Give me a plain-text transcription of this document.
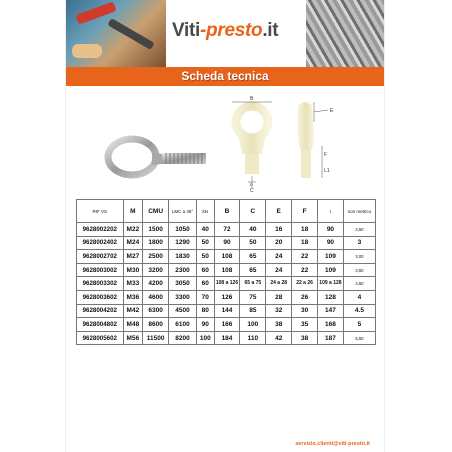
Viti-presto.it
Scheda tecnica
B
C
D
E
F
L1
RIF VS	M	CMU	LMC a 45°	kN	B	C	E	F	I	non metrico
9628002202	M22	1500	1050	40	72	40	16	18	90	3,50
9628002402	M24	1800	1290	50	90	50	20	18	90	3
9628002702	M27	2500	1830	50	108	65	24	22	109	3,00
9628003002	M30	3200	2300	60	108	65	24	22	109	3,50
9628003302	M33	4200	3050	60	108 a 126	65 a 75	24 a 28	22 a 26	109 a 128	3,50
9628003602	M36	4600	3300	70	126	75	28	26	128	4
9628004202	M42	6300	4500	80	144	85	32	30	147	4.5
9628004802	M48	8600	6100	90	166	100	38	35	168	5
9628005602	M56	11500	8200	100	184	110	42	38	187	5,50
servizio.clienti@viti-presto.it
